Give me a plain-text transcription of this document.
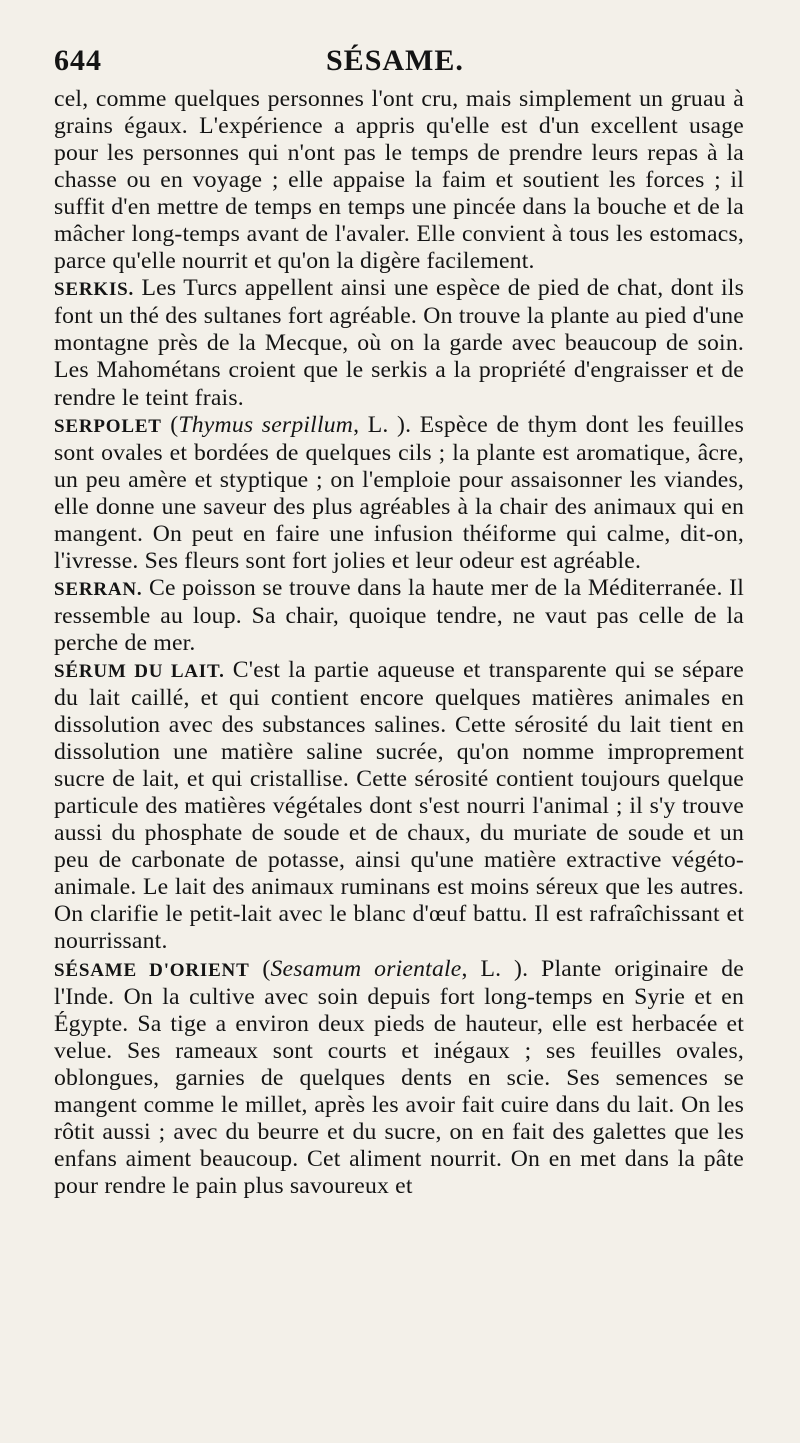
644	SÉSAME.

cel, comme quelques personnes l'ont cru, mais simplement un gruau à grains égaux. L'expérience a appris qu'elle est d'un excellent usage pour les personnes qui n'ont pas le temps de prendre leurs repas à la chasse ou en voyage ; elle appaise la faim et soutient les forces ; il suffit d'en mettre de temps en temps une pincée dans la bouche et de la mâcher long-temps avant de l'avaler. Elle convient à tous les estomacs, parce qu'elle nourrit et qu'on la digère facilement.

SERKIS. Les Turcs appellent ainsi une espèce de pied de chat, dont ils font un thé des sultanes fort agréable. On trouve la plante au pied d'une montagne près de la Mecque, où on la garde avec beaucoup de soin. Les Mahométans croient que le serkis a la propriété d'engraisser et de rendre le teint frais.

SERPOLET (Thymus serpillum, L. ). Espèce de thym dont les feuilles sont ovales et bordées de quelques cils ; la plante est aromatique, âcre, un peu amère et styptique ; on l'emploie pour assaisonner les viandes, elle donne une saveur des plus agréables à la chair des animaux qui en mangent. On peut en faire une infusion théiforme qui calme, dit-on, l'ivresse. Ses fleurs sont fort jolies et leur odeur est agréable.

SERRAN. Ce poisson se trouve dans la haute mer de la Méditerranée. Il ressemble au loup. Sa chair, quoique tendre, ne vaut pas celle de la perche de mer.

SÉRUM DU LAIT. C'est la partie aqueuse et transparente qui se sépare du lait caillé, et qui contient encore quelques matières animales en dissolution avec des substances salines. Cette sérosité du lait tient en dissolution une matière saline sucrée, qu'on nomme improprement sucre de lait, et qui cristallise. Cette sérosité contient toujours quelque particule des matières végétales dont s'est nourri l'animal ; il s'y trouve aussi du phosphate de soude et de chaux, du muriate de soude et un peu de carbonate de potasse, ainsi qu'une matière extractive végéto-animale. Le lait des animaux ruminans est moins séreux que les autres. On clarifie le petit-lait avec le blanc d'œuf battu. Il est rafraîchissant et nourrissant.

SÉSAME D'ORIENT (Sesamum orientale, L. ). Plante originaire de l'Inde. On la cultive avec soin depuis fort long-temps en Syrie et en Égypte. Sa tige a environ deux pieds de hauteur, elle est herbacée et velue. Ses rameaux sont courts et inégaux ; ses feuilles ovales, oblongues, garnies de quelques dents en scie. Ses semences se mangent comme le millet, après les avoir fait cuire dans du lait. On les rôtit aussi ; avec du beurre et du sucre, on en fait des galettes que les enfans aiment beaucoup. Cet aliment nourrit. On en met dans la pâte pour rendre le pain plus savoureux et
